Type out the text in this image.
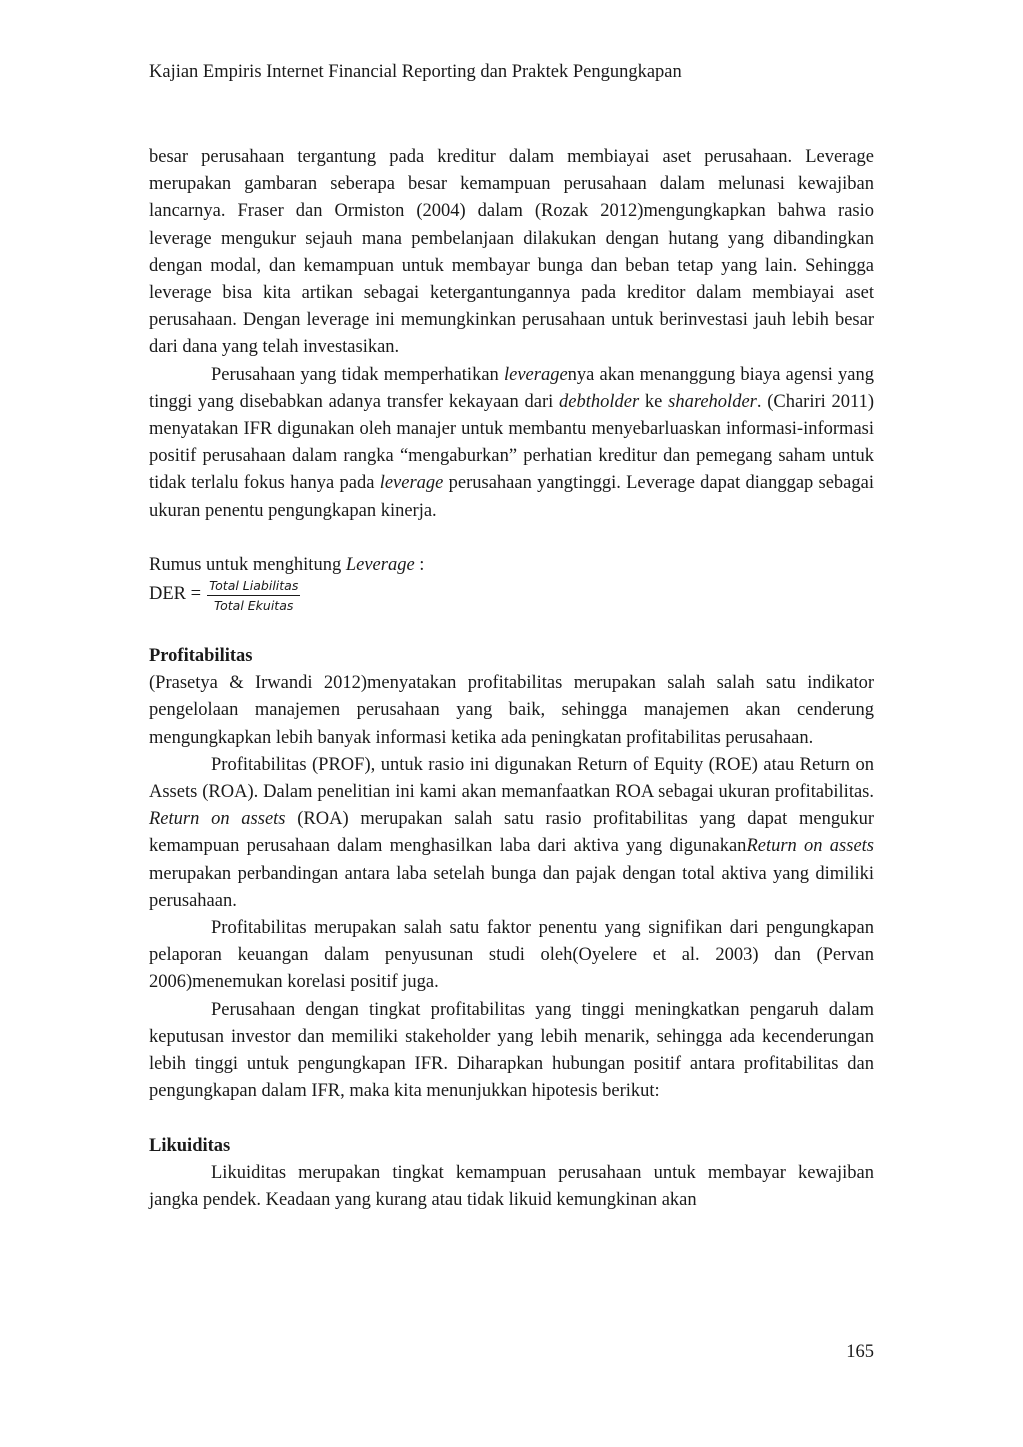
Kajian Empiris Internet Financial Reporting dan Praktek Pengungkapan

besar perusahaan tergantung pada kreditur dalam membiayai aset perusahaan. Leverage merupakan gambaran seberapa besar kemampuan perusahaan dalam melunasi kewajiban lancarnya. Fraser dan Ormiston (2004) dalam (Rozak 2012)mengungkapkan bahwa rasio leverage mengukur sejauh mana pembelanjaan dilakukan dengan hutang yang dibandingkan dengan modal, dan kemampuan untuk membayar bunga dan beban tetap yang lain. Sehingga leverage bisa kita artikan sebagai ketergantungannya pada kreditor dalam membiayai aset perusahaan. Dengan leverage ini memungkinkan perusahaan untuk berinvestasi jauh lebih besar dari dana yang telah investasikan.

Perusahaan yang tidak memperhatikan leveragenya akan menanggung biaya agensi yang tinggi yang disebabkan adanya transfer kekayaan dari debtholder ke shareholder. (Chariri 2011) menyatakan IFR digunakan oleh manajer untuk membantu menyebarluaskan informasi-informasi positif perusahaan dalam rangka “mengaburkan” perhatian kreditur dan pemegang saham untuk tidak terlalu fokus hanya pada leverage perusahaan yangtinggi. Leverage dapat dianggap sebagai ukuran penentu pengungkapan kinerja.

Rumus untuk menghitung Leverage :

DER = $\frac{\text{Total Liabilitas}}{\text{Total Ekuitas}}$

Profitabilitas

(Prasetya & Irwandi 2012)menyatakan profitabilitas merupakan salah salah satu indikator pengelolaan manajemen perusahaan yang baik, sehingga manajemen akan cenderung mengungkapkan lebih banyak informasi ketika ada peningkatan profitabilitas perusahaan.

Profitabilitas (PROF), untuk rasio ini digunakan Return of Equity (ROE) atau Return on Assets (ROA). Dalam penelitian ini kami akan memanfaatkan ROA sebagai ukuran profitabilitas. Return on assets (ROA) merupakan salah satu rasio profitabilitas yang dapat mengukur kemampuan perusahaan dalam menghasilkan laba dari aktiva yang digunakanReturn on assets merupakan perbandingan antara laba setelah bunga dan pajak dengan total aktiva yang dimiliki perusahaan.

Profitabilitas merupakan salah satu faktor penentu yang signifikan dari pengungkapan pelaporan keuangan dalam penyusunan studi oleh(Oyelere et al. 2003) dan (Pervan 2006)menemukan korelasi positif juga.

Perusahaan dengan tingkat profitabilitas yang tinggi meningkatkan pengaruh dalam keputusan investor dan memiliki stakeholder yang lebih menarik, sehingga ada kecenderungan lebih tinggi untuk pengungkapan IFR. Diharapkan hubungan positif antara profitabilitas dan pengungkapan dalam IFR, maka kita menunjukkan hipotesis berikut:

Likuiditas

Likuiditas merupakan tingkat kemampuan perusahaan untuk membayar kewajiban jangka pendek. Keadaan yang kurang atau tidak likuid kemungkinan akan

165
